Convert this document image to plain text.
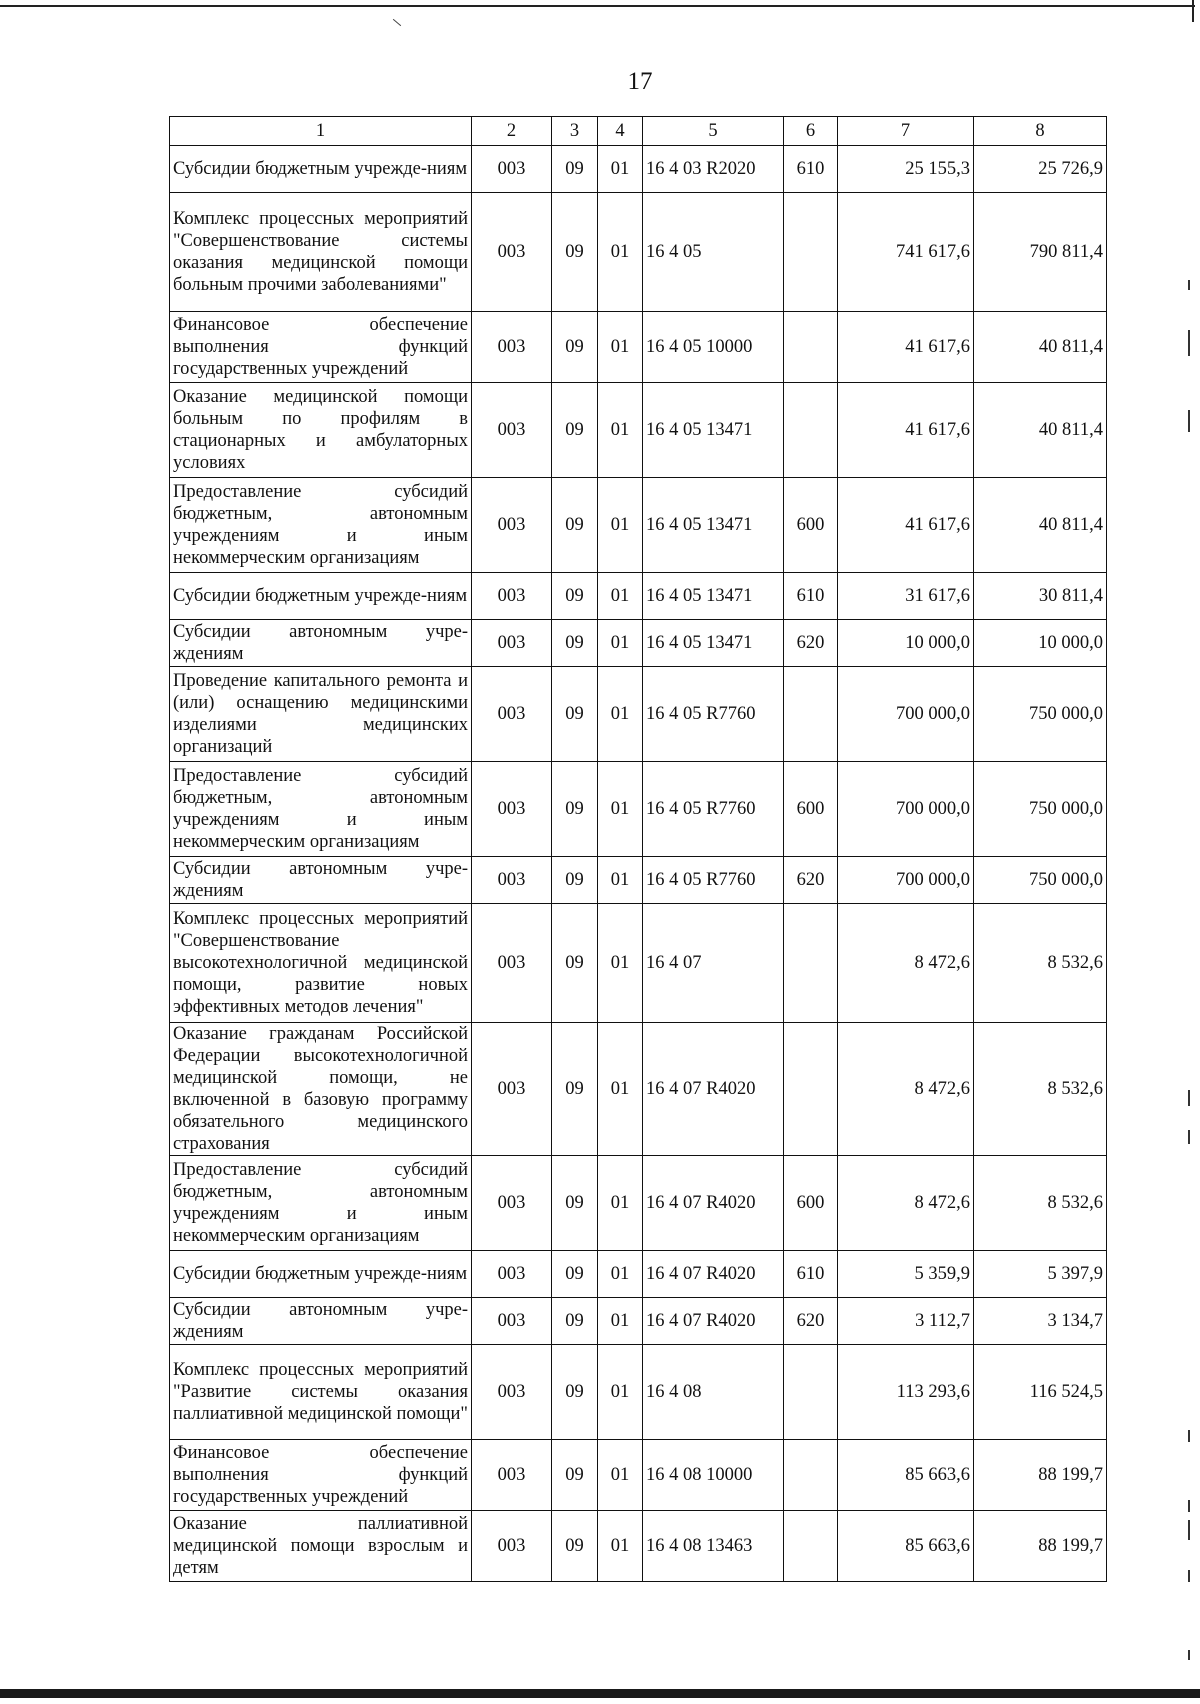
17
1	2	3	4	5	6	7	8
Субсидии бюджетным учрежде-ниям	003	09	01	16 4 03 R2020	610	25 155,3	25 726,9
Комплекс процессных мероприятий "Совершенствование системы оказания медицинской помощи больным прочими заболеваниями"	003	09	01	16 4 05		741 617,6	790 811,4
Финансовое обеспечение выполнения функций государственных учреждений	003	09	01	16 4 05 10000		41 617,6	40 811,4
Оказание медицинской помощи больным по профилям в стационарных и амбулаторных условиях	003	09	01	16 4 05 13471		41 617,6	40 811,4
Предоставление субсидий бюджетным, автономным учреждениям и иным некоммерческим организациям	003	09	01	16 4 05 13471	600	41 617,6	40 811,4
Субсидии бюджетным учрежде-ниям	003	09	01	16 4 05 13471	610	31 617,6	30 811,4
Субсидии автономным учре-ждениям	003	09	01	16 4 05 13471	620	10 000,0	10 000,0
Проведение капитального ремонта и (или) оснащению медицинскими изделиями медицинских организаций	003	09	01	16 4 05 R7760		700 000,0	750 000,0
Предоставление субсидий бюджетным, автономным учреждениям и иным некоммерческим организациям	003	09	01	16 4 05 R7760	600	700 000,0	750 000,0
Субсидии автономным учре-ждениям	003	09	01	16 4 05 R7760	620	700 000,0	750 000,0
Комплекс процессных мероприятий "Совершенствование высокотехнологичной медицинской помощи, развитие новых эффективных методов лечения"	003	09	01	16 4 07		8 472,6	8 532,6
Оказание гражданам Российской Федерации высокотехнологичной медицинской помощи, не включенной в базовую программу обязательного медицинского страхования	003	09	01	16 4 07 R4020		8 472,6	8 532,6
Предоставление субсидий бюджетным, автономным учреждениям и иным некоммерческим организациям	003	09	01	16 4 07 R4020	600	8 472,6	8 532,6
Субсидии бюджетным учрежде-ниям	003	09	01	16 4 07 R4020	610	5 359,9	5 397,9
Субсидии автономным учре-ждениям	003	09	01	16 4 07 R4020	620	3 112,7	3 134,7
Комплекс процессных мероприятий "Развитие системы оказания паллиативной медицинской помощи"	003	09	01	16 4 08		113 293,6	116 524,5
Финансовое обеспечение выполнения функций государственных учреждений	003	09	01	16 4 08 10000		85 663,6	88 199,7
Оказание паллиативной медицинской помощи взрослым и детям	003	09	01	16 4 08 13463		85 663,6	88 199,7
